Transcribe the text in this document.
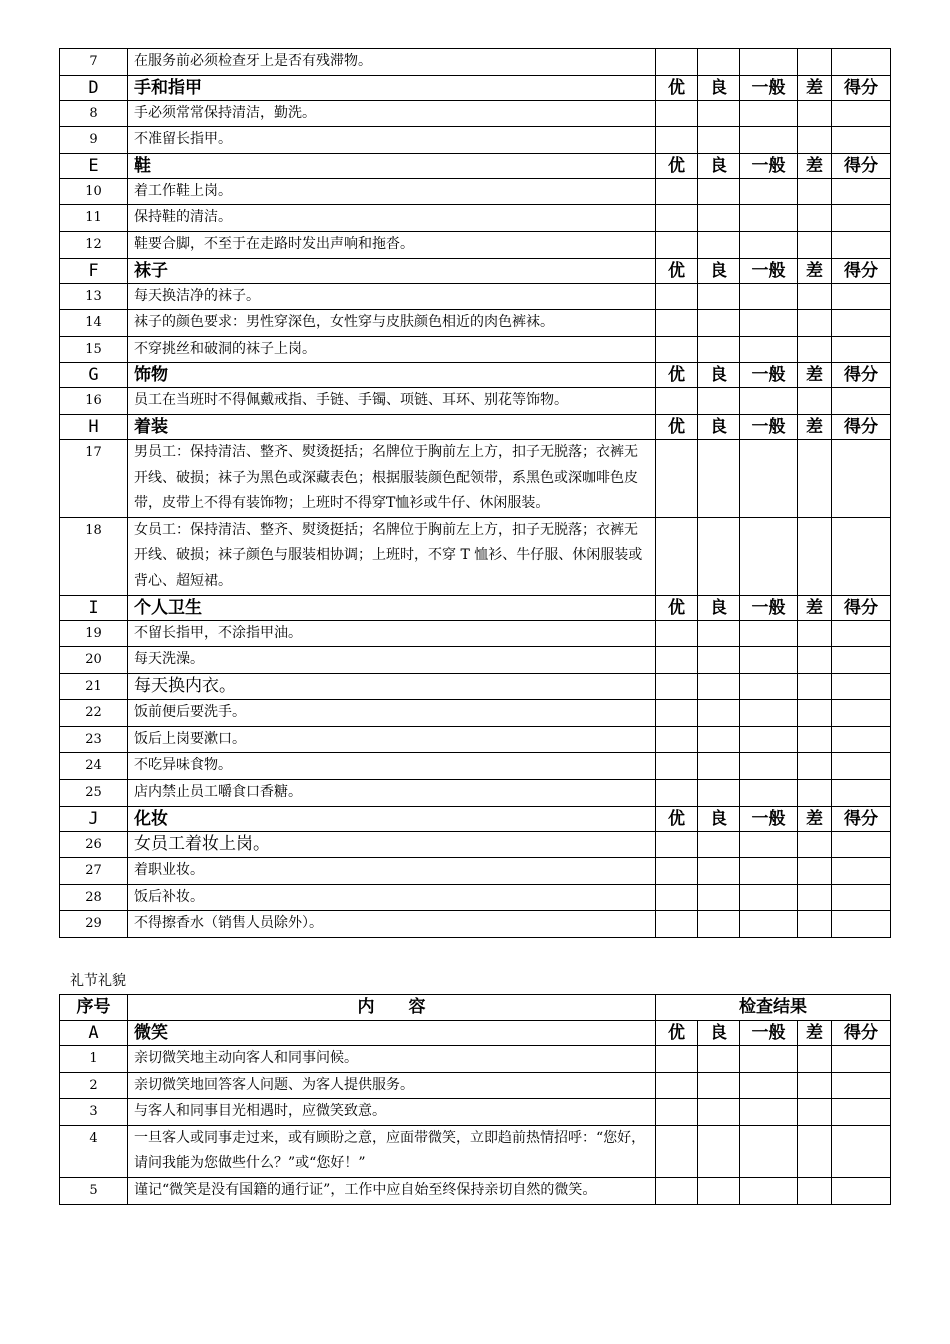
7	在服务前必须检查牙上是否有残滞物。					
D	手和指甲	优	良	一般	差	得分
8	手必须常常保持清洁，勤洗。					
9	不准留长指甲。					
E	鞋	优	良	一般	差	得分
10	着工作鞋上岗。					
11	保持鞋的清洁。					
12	鞋要合脚，不至于在走路时发出声响和拖沓。					
F	袜子	优	良	一般	差	得分
13	每天换洁净的袜子。					
14	袜子的颜色要求：男性穿深色，女性穿与皮肤颜色相近的肉色裤袜。					
15	不穿挑丝和破洞的袜子上岗。					
G	饰物	优	良	一般	差	得分
16	员工在当班时不得佩戴戒指、手链、手镯、项链、耳环、别花等饰物。					
H	着装	优	良	一般	差	得分
17	男员工：保持清洁、整齐、熨烫挺括；名牌位于胸前左上方，扣子无脱落；衣裤无开线、破损；袜子为黑色或深藏表色；根据服装颜色配领带，系黑色或深咖啡色皮带，皮带上不得有装饰物；上班时不得穿T恤衫或牛仔、休闲服装。					
18	女员工：保持清洁、整齐、熨烫挺括；名牌位于胸前左上方，扣子无脱落；衣裤无开线、破损；袜子颜色与服装相协调；上班时，不穿 T 恤衫、牛仔服、休闲服装或背心、超短裙。					
I	个人卫生	优	良	一般	差	得分
19	不留长指甲，不涂指甲油。					
20	每天洗澡。					
21	每天换内衣。					
22	饭前便后要洗手。					
23	饭后上岗要漱口。					
24	不吃异味食物。					
25	店内禁止员工嚼食口香糖。					
J	化妆	优	良	一般	差	得分
26	女员工着妆上岗。					
27	着职业妆。					
28	饭后补妆。					
29	不得擦香水（销售人员除外）。					
礼节礼貌
序号	内　　容	检查结果				
A	微笑	优	良	一般	差	得分
1	亲切微笑地主动向客人和同事问候。					
2	亲切微笑地回答客人问题、为客人提供服务。					
3	与客人和同事目光相遇时，应微笑致意。					
4	一旦客人或同事走过来，或有顾盼之意，应面带微笑，立即趋前热情招呼：“您好，请问我能为您做些什么？”或“您好！”					
5	谨记“微笑是没有国籍的通行证”，工作中应自始至终保持亲切自然的微笑。					
